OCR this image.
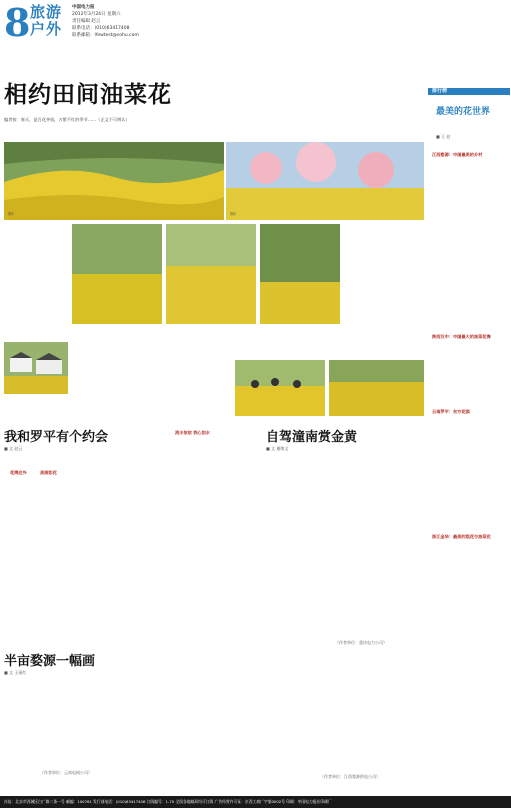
8 旅游
户外
中国电力报
2012年3月24日 星期六
责任编辑 赵云
联系电话：(010)63417408
联系邮箱：lfewtest@sohu.com
相约田间油菜花
编者按：春天，是百花齐放，万紫千红的季节……（正文不可辨认）
图1	图2
我和罗平有个约会
■ 文 赵云
花海这外	美丽如花
（作者单位：云南电网公司）
流水依依 我心如水	自驾潼南赏金黄
■ 文 谢敬文
（作者单位：重庆电力公司）
半亩婺源一幅画
■ 文 王丽红
（作者单位：江西婺源供电公司）
排行榜
最美的花世界
■ 王 赵
江西婺源：中国最美的乡村
陕西汉中：中国最大的油菜花海
云南罗平：东方花园
浙江金华：最美的梨花与油菜花
社址：北京市西城区白广路二条一号 邮编：100761 发行部电话：(010)63417408 订阅编号：1-70 全国各地邮局均可订阅 广告经营许可证：京西工商广字第0002号 印刷：中国电力报社印刷厂
